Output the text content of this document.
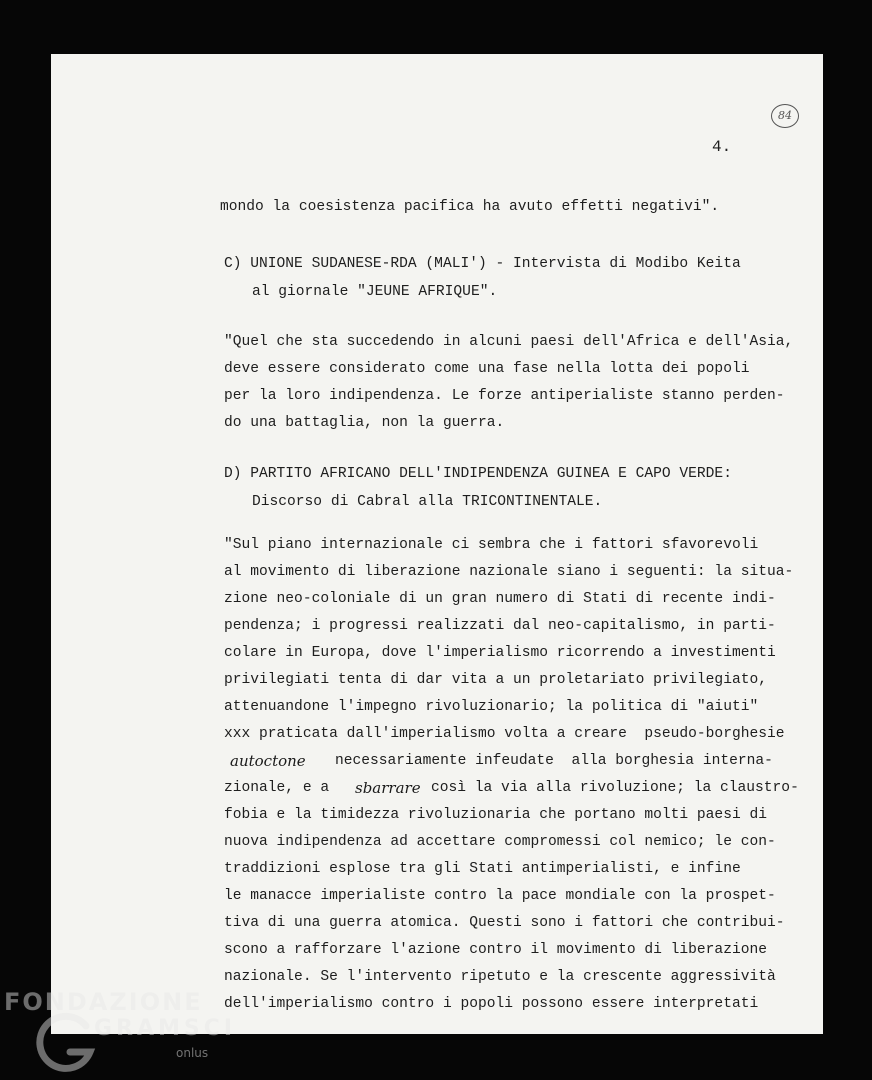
84
4.
mondo la coesistenza pacifica ha avuto effetti negativi".
C) UNIONE SUDANESE-RDA (MALI') - Intervista di Modibo Keita
al giornale "JEUNE AFRIQUE".
"Quel che sta succedendo in alcuni paesi dell'Africa e dell'Asia,
deve essere considerato come una fase nella lotta dei popoli
per la loro indipendenza. Le forze antiperialiste stanno perden-
do una battaglia, non la guerra.
D) PARTITO AFRICANO DELL'INDIPENDENZA GUINEA E CAPO VERDE:
Discorso di Cabral alla TRICONTINENTALE.
"Sul piano internazionale ci sembra che i fattori sfavorevoli
al movimento di liberazione nazionale siano i seguenti: la situa-
zione neo-coloniale di un gran numero di Stati di recente indi-
pendenza; i progressi realizzati dal neo-capitalismo, in parti-
colare in Europa, dove l'imperialismo ricorrendo a investimenti
privilegiati tenta di dar vita a un proletariato privilegiato,
attenuandone l'impegno rivoluzionario; la politica di "aiuti"
xxx praticata dall'imperialismo volta a creare  pseudo-borghesie
autoctone necessariamente infeudate  alla borghesia interna-
zionale, e a sbarrare così la via alla rivoluzione; la claustro-
fobia e la timidezza rivoluzionaria che portano molti paesi di
nuova indipendenza ad accettare compromessi col nemico; le con-
traddizioni esplose tra gli Stati antimperialisti, e infine
le manacce imperialiste contro la pace mondiale con la prospet-
tiva di una guerra atomica. Questi sono i fattori che contribui-
scono a rafforzare l'azione contro il movimento di liberazione
nazionale. Se l'intervento ripetuto e la crescente aggressività
dell'imperialismo contro i popoli possono essere interpretati
FONDAZIONE
GRAMSCI
onlus
